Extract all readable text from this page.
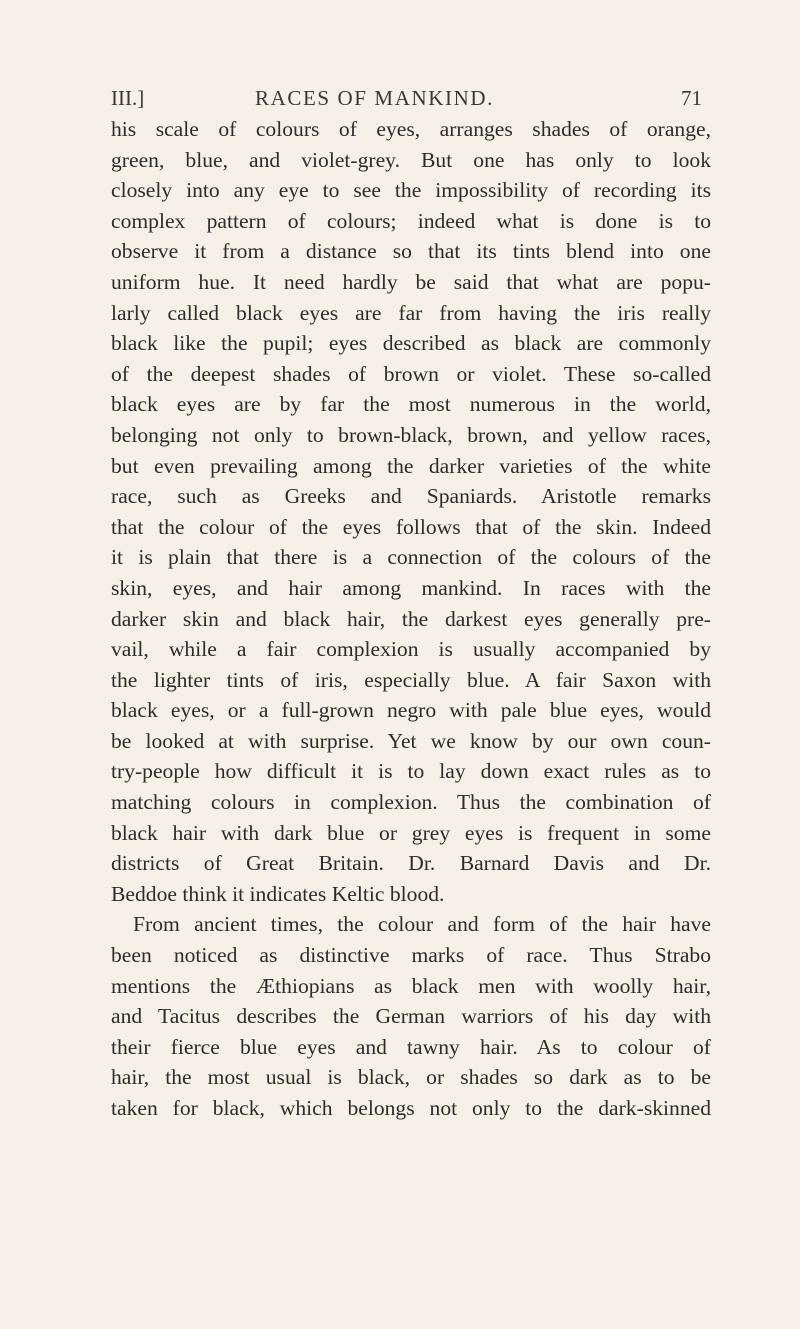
III.]	RACES OF MANKIND.	71
his scale of colours of eyes, arranges shades of orange,
green, blue, and violet-grey. But one has only to look
closely into any eye to see the impossibility of recording its
complex pattern of colours; indeed what is done is to
observe it from a distance so that its tints blend into one
uniform hue. It need hardly be said that what are popu-
larly called black eyes are far from having the iris really
black like the pupil; eyes described as black are commonly
of the deepest shades of brown or violet. These so-called
black eyes are by far the most numerous in the world,
belonging not only to brown-black, brown, and yellow races,
but even prevailing among the darker varieties of the white
race, such as Greeks and Spaniards. Aristotle remarks
that the colour of the eyes follows that of the skin. Indeed
it is plain that there is a connection of the colours of the
skin, eyes, and hair among mankind. In races with the
darker skin and black hair, the darkest eyes generally pre-
vail, while a fair complexion is usually accompanied by
the lighter tints of iris, especially blue. A fair Saxon with
black eyes, or a full-grown negro with pale blue eyes, would
be looked at with surprise. Yet we know by our own coun-
try-people how difficult it is to lay down exact rules as to
matching colours in complexion. Thus the combination of
black hair with dark blue or grey eyes is frequent in some
districts of Great Britain. Dr. Barnard Davis and Dr.
Beddoe think it indicates Keltic blood.
From ancient times, the colour and form of the hair have
been noticed as distinctive marks of race. Thus Strabo
mentions the Æthiopians as black men with woolly hair,
and Tacitus describes the German warriors of his day with
their fierce blue eyes and tawny hair. As to colour of
hair, the most usual is black, or shades so dark as to be
taken for black, which belongs not only to the dark-skinned
